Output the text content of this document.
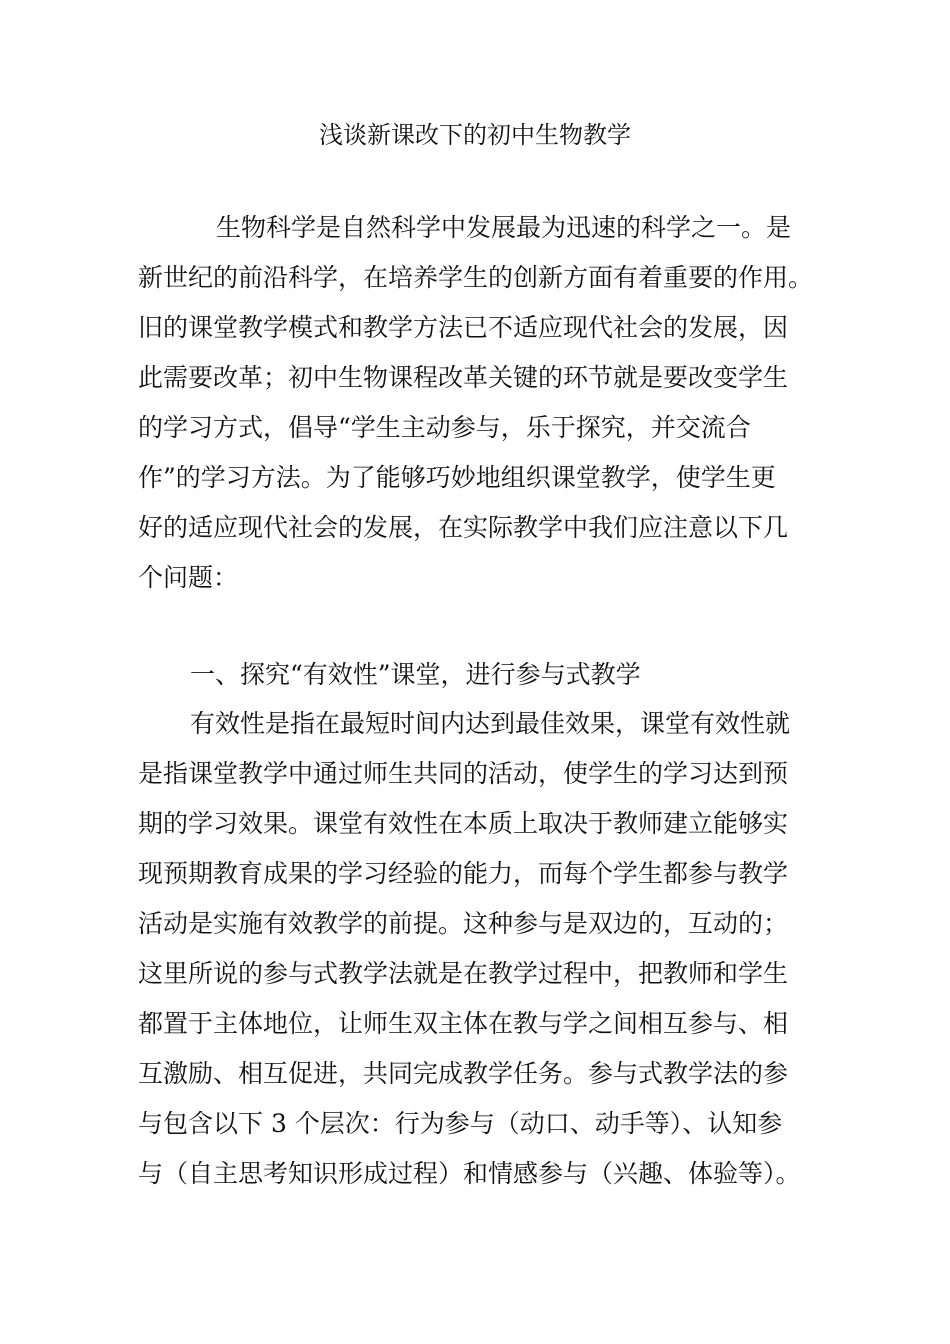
浅谈新课改下的初中生物教学
生物科学是自然科学中发展最为迅速的科学之一。是
新世纪的前沿科学，在培养学生的创新方面有着重要的作用。
旧的课堂教学模式和教学方法已不适应现代社会的发展，因
此需要改革；初中生物课程改革关键的环节就是要改变学生
的学习方式，倡导“学生主动参与，乐于探究，并交流合
作”的学习方法。为了能够巧妙地组织课堂教学，使学生更
好的适应现代社会的发展，在实际教学中我们应注意以下几
个问题：
一、探究“有效性”课堂，进行参与式教学
有效性是指在最短时间内达到最佳效果，课堂有效性就
是指课堂教学中通过师生共同的活动，使学生的学习达到预
期的学习效果。课堂有效性在本质上取决于教师建立能够实
现预期教育成果的学习经验的能力，而每个学生都参与教学
活动是实施有效教学的前提。这种参与是双边的，互动的；
这里所说的参与式教学法就是在教学过程中，把教师和学生
都置于主体地位，让师生双主体在教与学之间相互参与、相
互激励、相互促进，共同完成教学任务。参与式教学法的参
与包含以下 3 个层次：行为参与（动口、动手等）、认知参
与（自主思考知识形成过程）和情感参与（兴趣、体验等）。
